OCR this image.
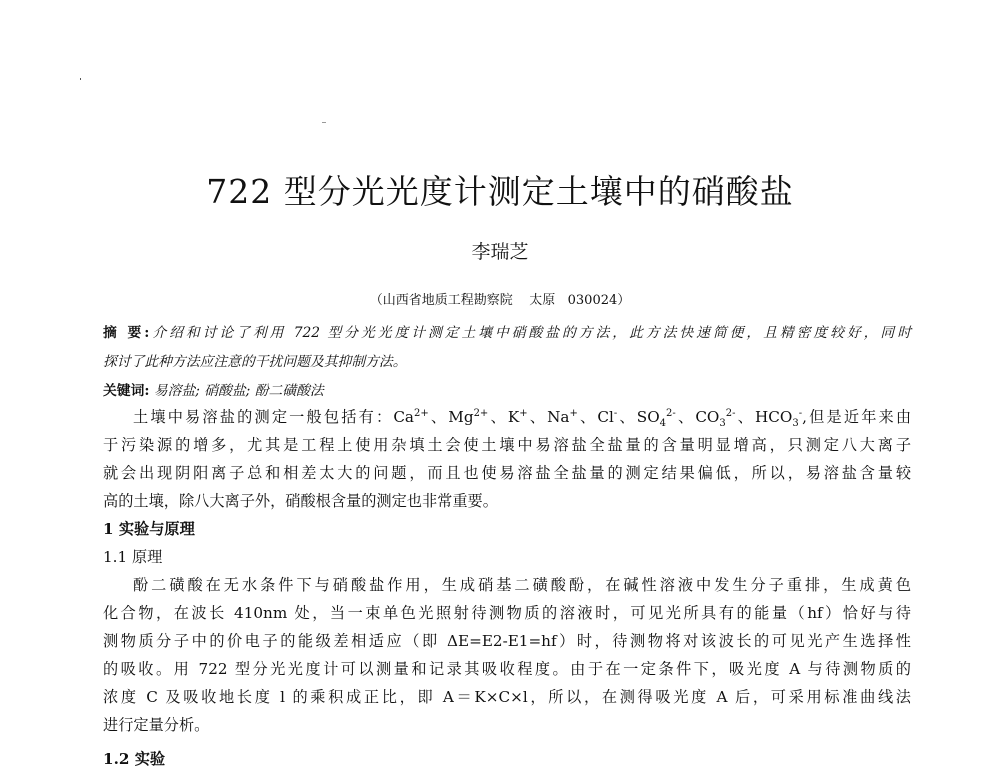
722 型分光光度计测定土壤中的硝酸盐
李瑞芝
（山西省地质工程勘察院    太原   030024）
摘 要:介绍和讨论了利用 722 型分光光度计测定土壤中硝酸盐的方法，此方法快速简便，且精密度较好，同时
探讨了此种方法应注意的干扰问题及其抑制方法。
关键词: 易溶盐; 硝酸盐; 酚二磺酸法
土壤中易溶盐的测定一般包括有：$Ca^{2+}$、$Mg^{2+}$、K+、Na+、Cl-、$SO_4^{2-}$、$CO_3^{2-}$、$HCO_3^-$,但是近年来由
于污染源的增多，尤其是工程上使用杂填土会使土壤中易溶盐全盐量的含量明显增高，只测定八大离子
就会出现阴阳离子总和相差太大的问题，而且也使易溶盐全盐量的测定结果偏低，所以，易溶盐含量较
高的土壤，除八大离子外，硝酸根含量的测定也非常重要。
1 实验与原理
1.1 原理
酚二磺酸在无水条件下与硝酸盐作用，生成硝基二磺酸酚，在碱性溶液中发生分子重排，生成黄色
化合物，在波长 410nm 处，当一束单色光照射待测物质的溶液时，可见光所具有的能量（hf）恰好与待
测物质分子中的价电子的能级差相适应（即 ΔE=E2-E1=hf）时，待测物将对该波长的可见光产生选择性
的吸收。用 722 型分光光度计可以测量和记录其吸收程度。由于在一定条件下，吸光度 A 与待测物质的
浓度 C 及吸收地长度 l 的乘积成正比，即 A＝K×C×l，所以，在测得吸光度 A 后，可采用标准曲线法
进行定量分析。
1.2 实验
